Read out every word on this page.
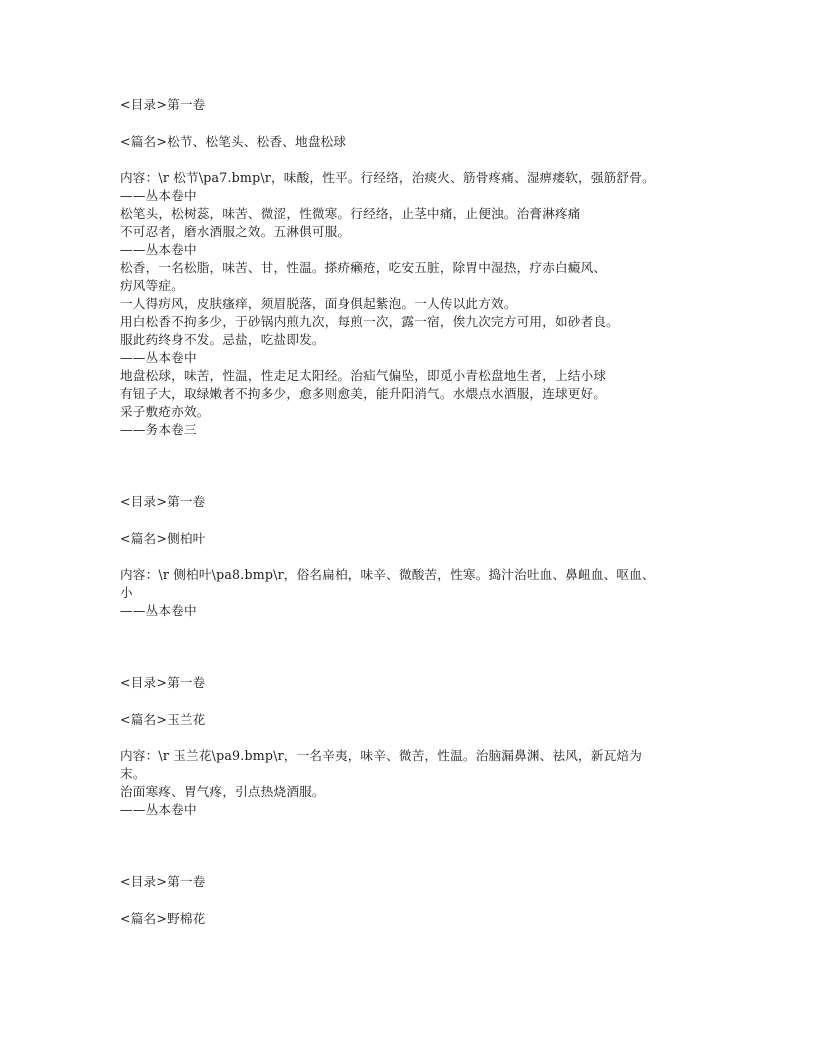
<目录>第一卷
<篇名>松节、松笔头、松香、地盘松球
内容：\r 松节\pa7.bmp\r，味酸，性平。行经络，治痰火、筋骨疼痛、湿痹痿软，强筋舒骨。
——丛本卷中
松笔头，松树蕊，味苦、微涩，性微寒。行经络，止茎中痛，止便浊。治膏淋疼痛
不可忍者，磨水酒服之效。五淋俱可服。
——丛本卷中
松香，一名松脂，味苦、甘，性温。搽疥癞疮，吃安五脏，除胃中湿热，疗赤白癜风、
疠风等症。
一人得疠风，皮肤瘙痒，须眉脱落，面身俱起紫泡。一人传以此方效。
用白松香不拘多少，于砂锅内煎九次，每煎一次，露一宿，俟九次完方可用，如砂者良。
服此药终身不发。忌盐，吃盐即发。
——丛本卷中
地盘松球，味苦，性温，性走足太阳经。治疝气偏坠，即觅小青松盘地生者，上结小球
有钮子大，取绿嫩者不拘多少，愈多则愈美，能升阳消气。水煨点水酒服，连球更好。
采子敷疮亦效。
——务本卷三
<目录>第一卷
<篇名>侧柏叶
内容：\r 侧柏叶\pa8.bmp\r，俗名扁柏，味辛、微酸苦，性寒。捣汁治吐血、鼻衄血、呕血、
小
——丛本卷中
<目录>第一卷
<篇名>玉兰花
内容：\r 玉兰花\pa9.bmp\r，一名辛夷，味辛、微苦，性温。治脑漏鼻渊、祛风，新瓦焙为
末。
治面寒疼、胃气疼，引点热烧酒服。
——丛本卷中
<目录>第一卷
<篇名>野棉花
